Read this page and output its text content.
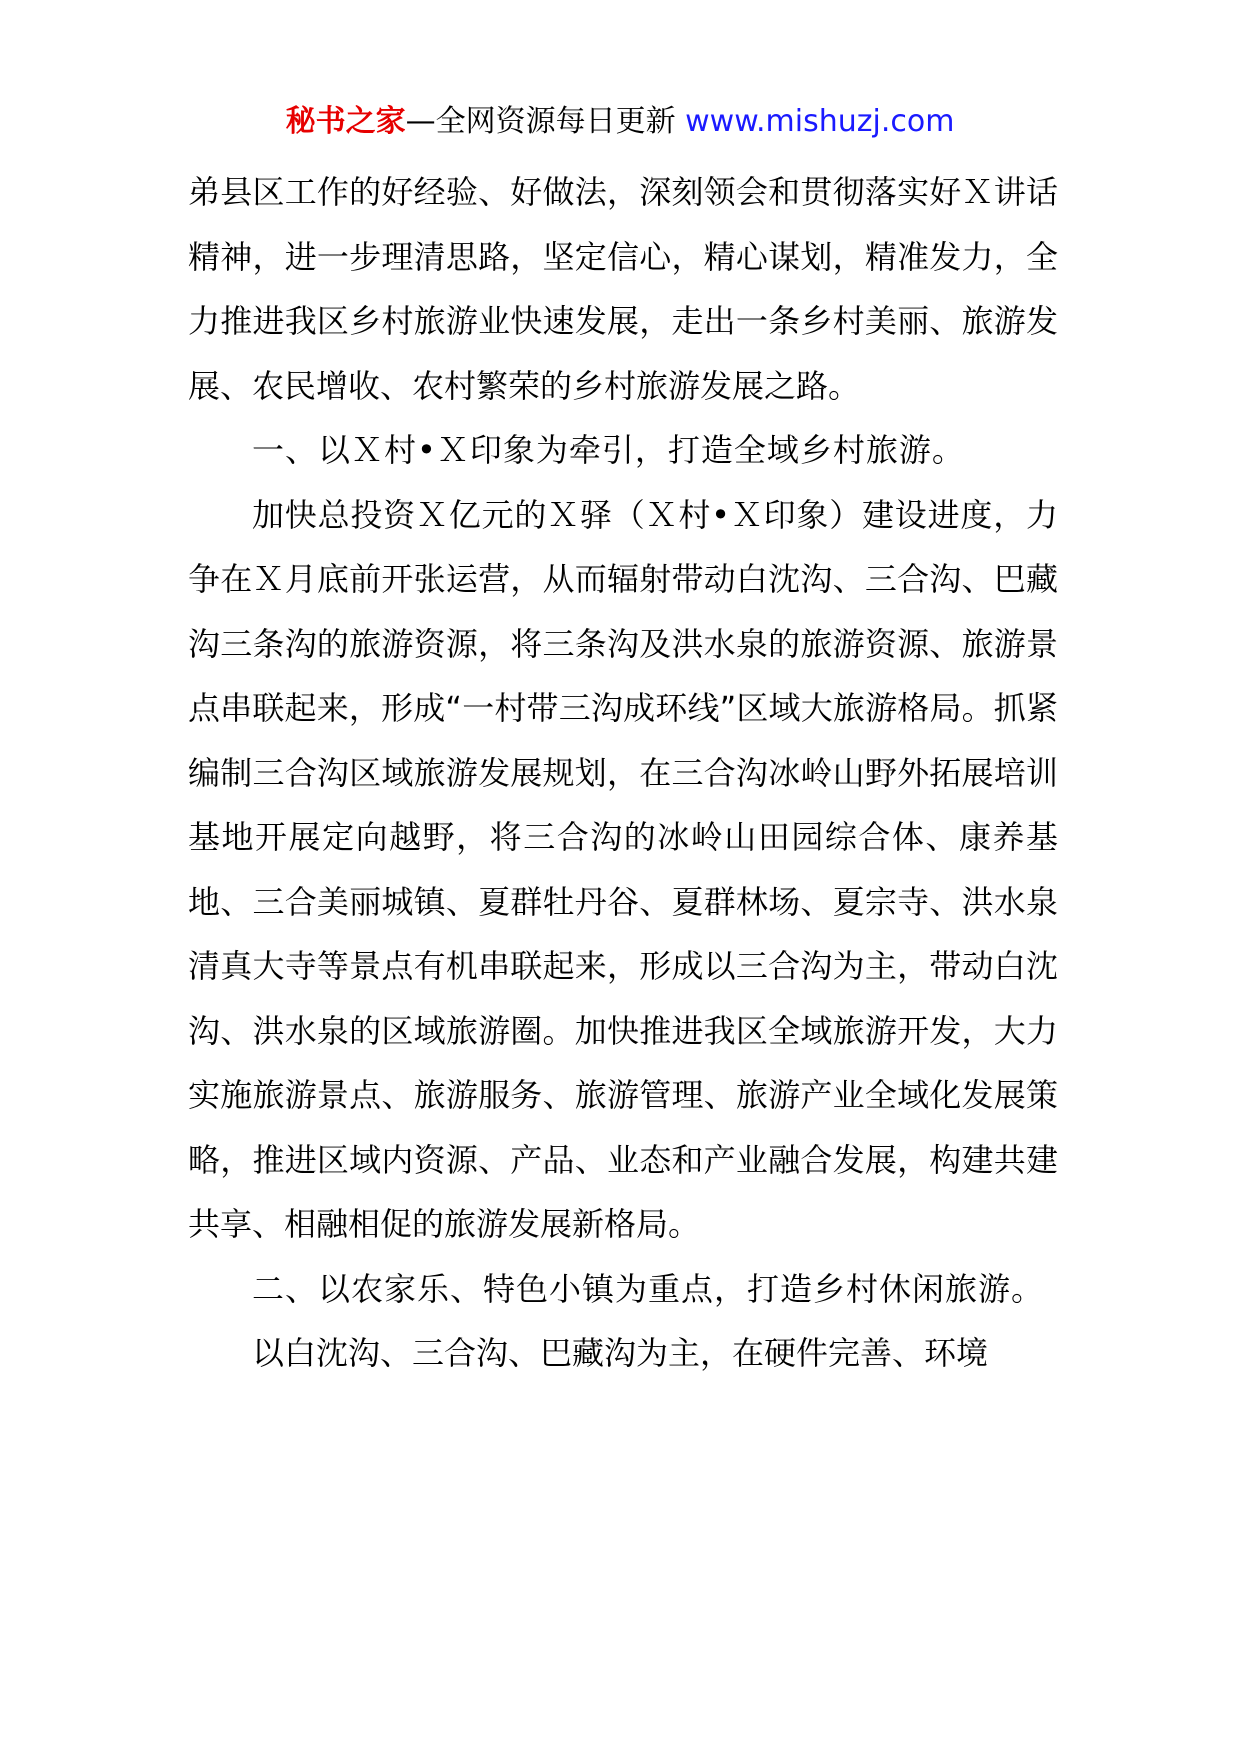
秘书之家—全网资源每日更新 www.mishuzj.com

弟县区工作的好经验、好做法，深刻领会和贯彻落实好Ｘ讲话精神，进一步理清思路，坚定信心，精心谋划，精准发力，全力推进我区乡村旅游业快速发展，走出一条乡村美丽、旅游发展、农民增收、农村繁荣的乡村旅游发展之路。

一、以Ｘ村•Ｘ印象为牵引，打造全域乡村旅游。

加快总投资Ｘ亿元的Ｘ驿（Ｘ村•Ｘ印象）建设进度，力争在Ｘ月底前开张运营，从而辐射带动白沈沟、三合沟、巴藏沟三条沟的旅游资源，将三条沟及洪水泉的旅游资源、旅游景点串联起来，形成“一村带三沟成环线”区域大旅游格局。抓紧编制三合沟区域旅游发展规划，在三合沟冰岭山野外拓展培训基地开展定向越野，将三合沟的冰岭山田园综合体、康养基地、三合美丽城镇、夏群牡丹谷、夏群林场、夏宗寺、洪水泉清真大寺等景点有机串联起来，形成以三合沟为主，带动白沈沟、洪水泉的区域旅游圈。加快推进我区全域旅游开发，大力实施旅游景点、旅游服务、旅游管理、旅游产业全域化发展策略，推进区域内资源、产品、业态和产业融合发展，构建共建共享、相融相促的旅游发展新格局。

二、以农家乐、特色小镇为重点，打造乡村休闲旅游。

以白沈沟、三合沟、巴藏沟为主，在硬件完善、环境
